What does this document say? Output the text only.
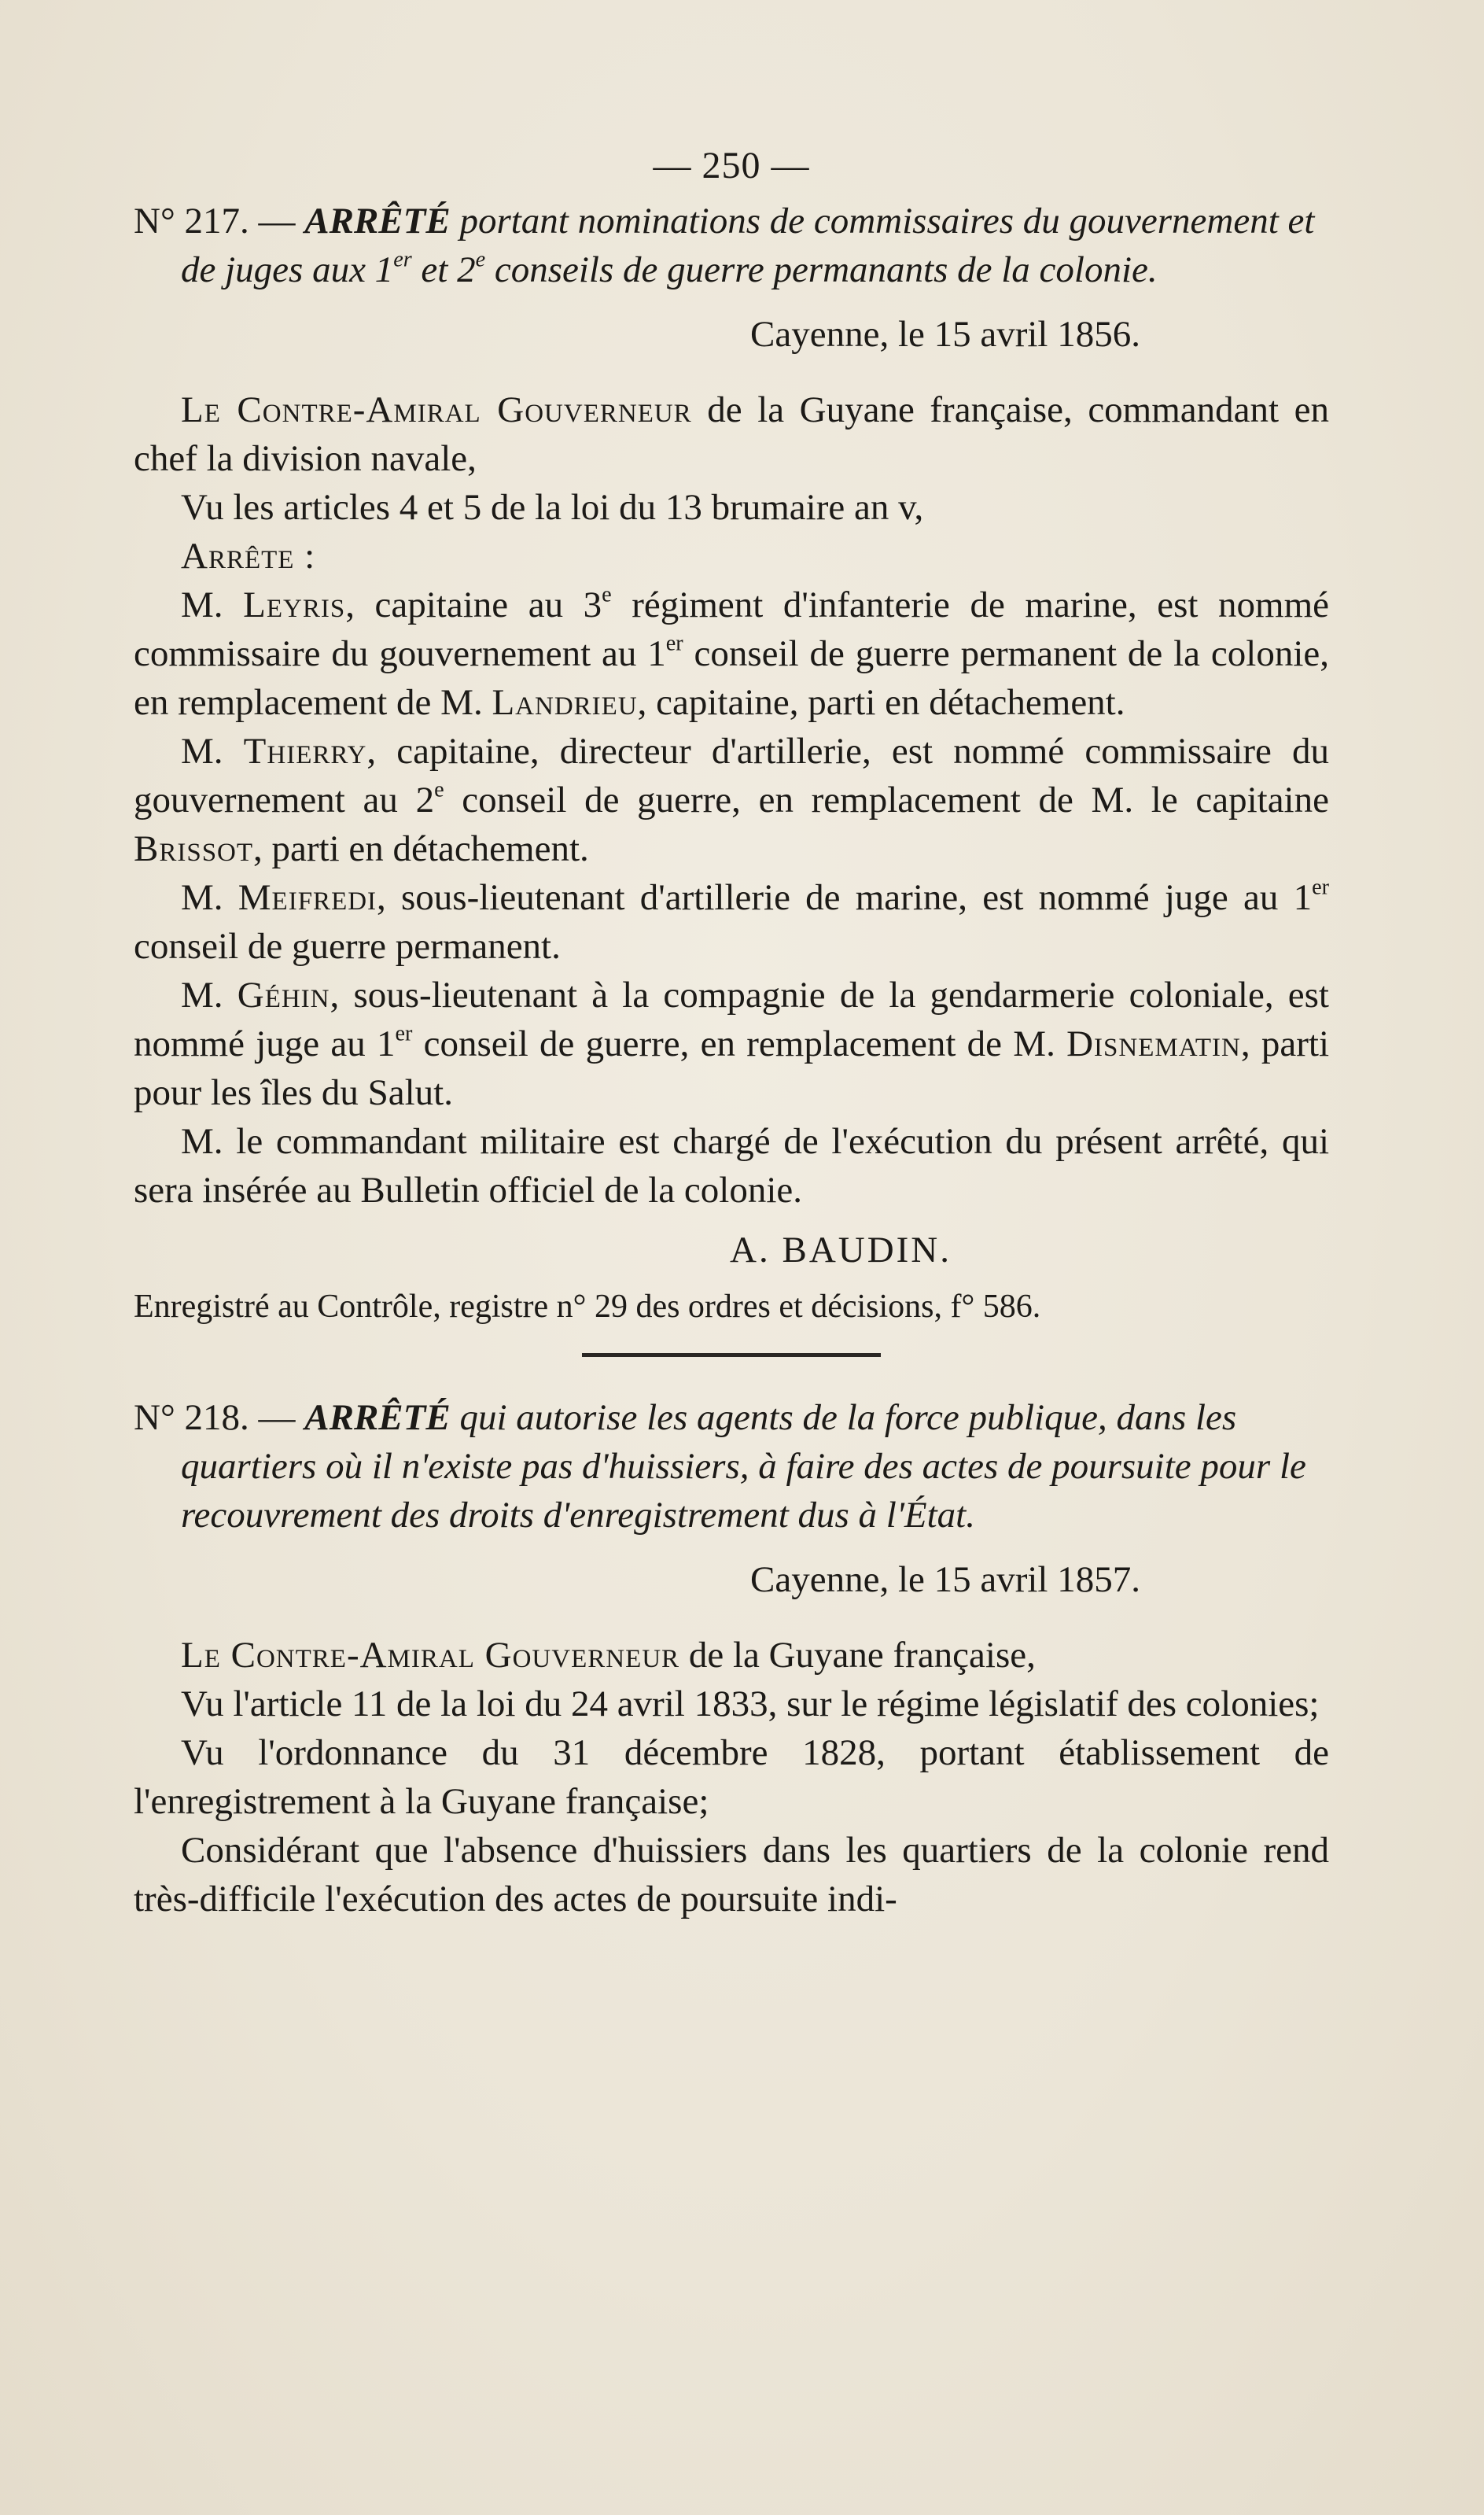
— 250 —

N° 217. — ARRÊTÉ portant nominations de commissaires du gouvernement et de juges aux 1er et 2e conseils de guerre permanants de la colonie.

Cayenne, le 15 avril 1856.

Le Contre-Amiral Gouverneur de la Guyane française, commandant en chef la division navale,

Vu les articles 4 et 5 de la loi du 13 brumaire an v,

Arrête :

M. Leyris, capitaine au 3e régiment d'infanterie de marine, est nommé commissaire du gouvernement au 1er conseil de guerre permanent de la colonie, en remplacement de M. Landrieu, capitaine, parti en détachement.

M. Thierry, capitaine, directeur d'artillerie, est nommé commissaire du gouvernement au 2e conseil de guerre, en remplacement de M. le capitaine Brissot, parti en détachement.

M. Meifredi, sous-lieutenant d'artillerie de marine, est nommé juge au 1er conseil de guerre permanent.

M. Géhin, sous-lieutenant à la compagnie de la gendarmerie coloniale, est nommé juge au 1er conseil de guerre, en remplacement de M. Disnematin, parti pour les îles du Salut.

M. le commandant militaire est chargé de l'exécution du présent arrêté, qui sera insérée au Bulletin officiel de la colonie.

A. BAUDIN.

Enregistré au Contrôle, registre n° 29 des ordres et décisions, f° 586.

N° 218. — ARRÊTÉ qui autorise les agents de la force publique, dans les quartiers où il n'existe pas d'huissiers, à faire des actes de poursuite pour le recouvrement des droits d'enregistrement dus à l'État.

Cayenne, le 15 avril 1857.

Le Contre-Amiral Gouverneur de la Guyane française,

Vu l'article 11 de la loi du 24 avril 1833, sur le régime législatif des colonies;

Vu l'ordonnance du 31 décembre 1828, portant établissement de l'enregistrement à la Guyane française;

Considérant que l'absence d'huissiers dans les quartiers de la colonie rend très-difficile l'exécution des actes de poursuite indi-
